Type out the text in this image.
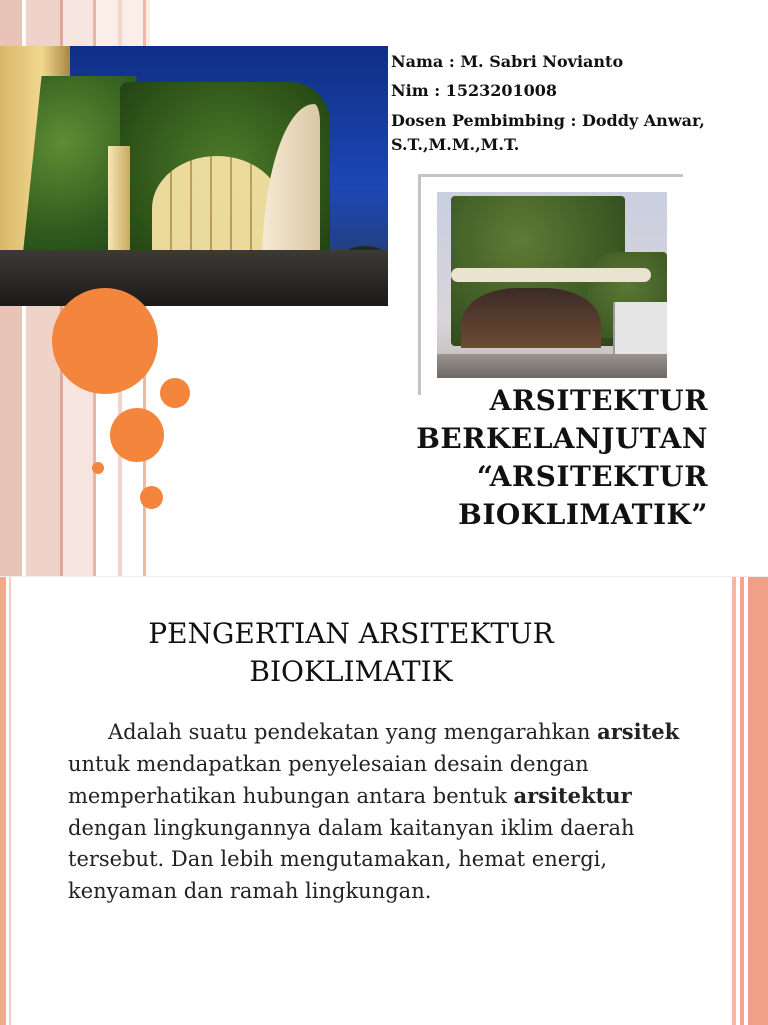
Nama : M. Sabri Novianto

Nim : 1523201008

Dosen Pembimbing : Doddy Anwar, S.T.,M.M.,M.T.

ARSITEKTUR
BERKELANJUTAN
“ARSITEKTUR
BIOKLIMATIK”
PENGERTIAN ARSITEKTUR
BIOKLIMATIK

Adalah suatu pendekatan yang mengarahkan arsitek untuk mendapatkan penyelesaian desain dengan memperhatikan hubungan antara bentuk arsitektur dengan lingkungannya dalam kaitanyan iklim daerah tersebut. Dan lebih mengutamakan, hemat energi, kenyaman dan ramah lingkungan.
